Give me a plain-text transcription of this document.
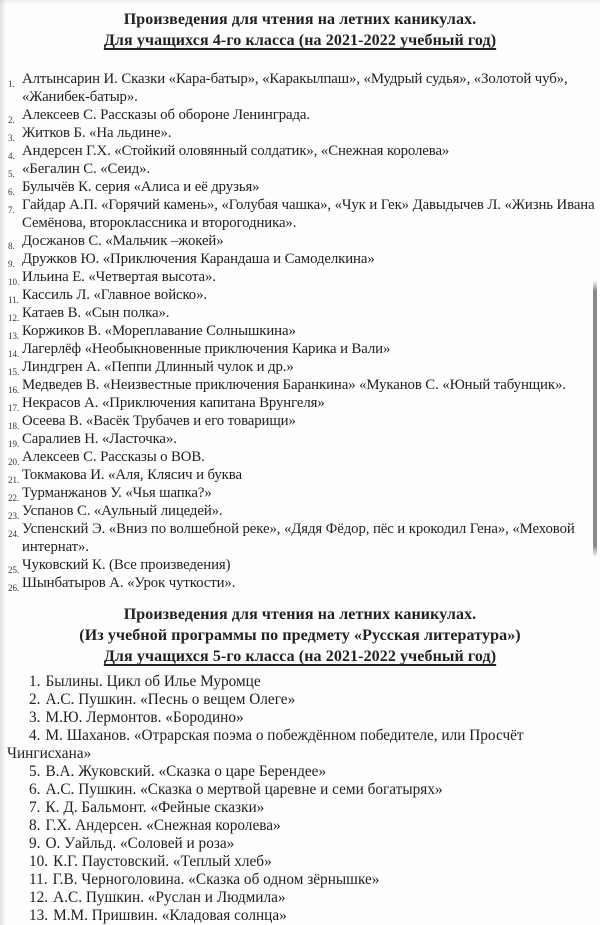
Произведения для чтения на летних каникулах.
Для учащихся 4-го класса (на 2021-2022 учебный год)
1. Алтынсарин И. Сказки «Кара-батыр», «Каракылпаш», «Мудрый судья», «Золотой чуб», «Жанибек-батыр».
2. Алексеев С. Рассказы об обороне Ленинграда.
3. Житков Б. «На льдине».
4. Андерсен Г.Х. «Стойкий оловянный солдатик», «Снежная королева»
5. «Бегалин С. «Сеид».
6. Булычёв К. серия «Алиса и её друзья»
7. Гайдар А.П. «Горячий камень», «Голубая чашка», «Чук и Гек» Давыдычев Л. «Жизнь Ивана Семёнова, второклассника и второгодника».
8. Досжанов С. «Мальчик –жокей»
9. Дружков Ю. «Приключения Карандаша и Самоделкина»
10. Ильина Е. «Четвертая высота».
11. Кассиль Л. «Главное войско».
12. Катаев В. «Сын полка».
13. Коржиков В. «Мореплавание Солнышкина»
14. Лагерлёф «Необыкновенные приключения Карика и Вали»
15. Линдгрен А. «Пеппи Длинный чулок и др.»
16. Медведев В. «Неизвестные приключения Баранкина» «Муканов С. «Юный табунщик».
17. Некрасов А. «Приключения капитана Врунгеля»
18. Осеева В. «Васёк Трубачев и его товарищи»
19. Саралиев Н. «Ласточка».
20. Алексеев С. Рассказы о ВОВ.
21. Токмакова И. «Аля, Клясич и буква
22. Турманжанов У. «Чья шапка?»
23. Успанов С. «Аульный лицедей».
24. Успенский Э. «Вниз по волшебной реке», «Дядя Фёдор, пёс и крокодил Гена», «Меховой интернат».
25. Чуковский К. (Все произведения)
26. Шынбатыров А. «Урок чуткости».
Произведения для чтения на летних каникулах.
(Из учебной программы по предмету «Русская литература»)
Для учащихся 5-го класса (на 2021-2022 учебный год)
1. Былины. Цикл об Илье Муромце
2. А.С. Пушкин. «Песнь о вещем Олеге»
3. М.Ю. Лермонтов. «Бородино»
4. М. Шаханов. «Отрарская поэма о побеждённом победителе, или Просчёт Чингисхана»
5. В.А. Жуковский. «Сказка о царе Берендее»
6. А.С. Пушкин. «Сказка о мертвой царевне и семи богатырях»
7. К. Д. Бальмонт. «Фейные сказки»
8. Г.Х. Андерсен. «Снежная королева»
9. О. Уайльд. «Соловей и роза»
10. К.Г. Паустовский. «Теплый хлеб»
11. Г.В. Черноголовина. «Сказка об одном зёрнышке»
12. А.С. Пушкин. «Руслан и Людмила»
13. М.М. Пришвин. «Кладовая солнца»
